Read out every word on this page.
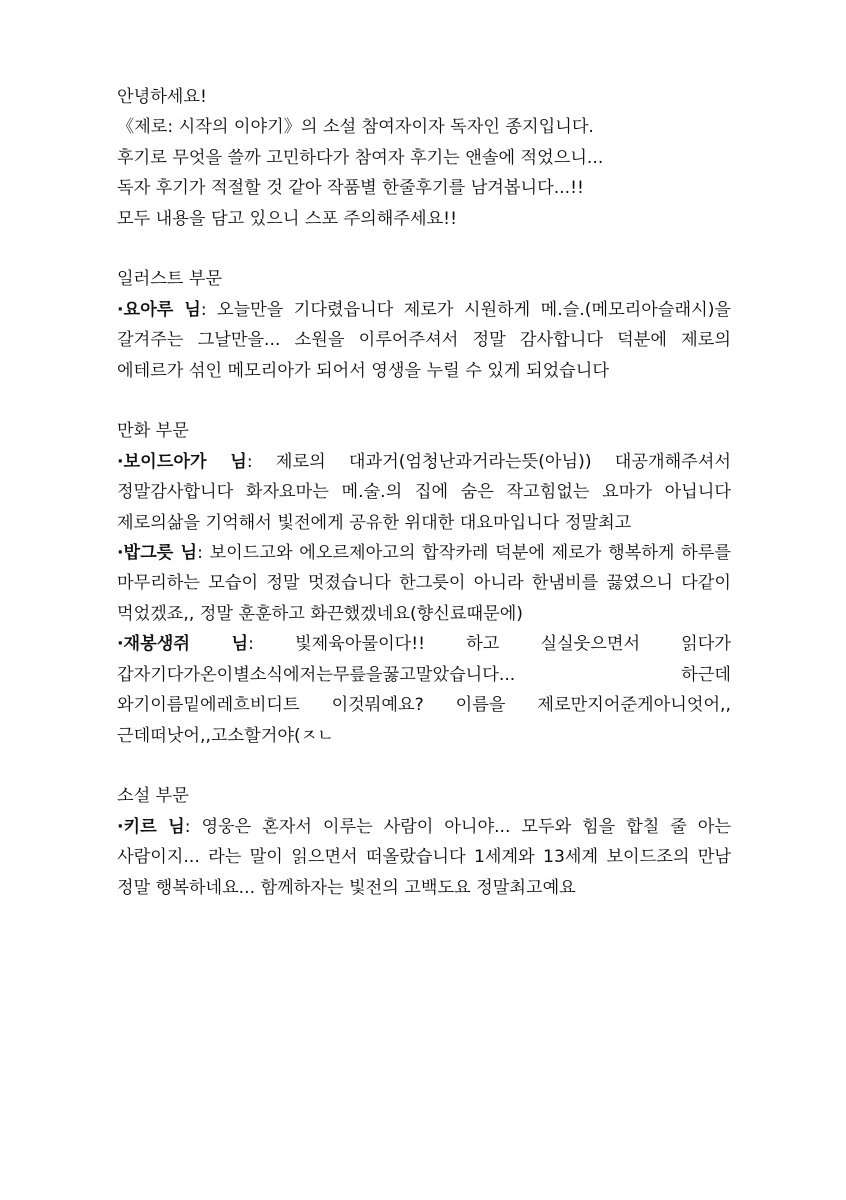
안녕하세요!

《제로: 시작의 이야기》의 소설 참여자이자 독자인 종지입니다.

후기로 무엇을 쓸까 고민하다가 참여자 후기는 앤솔에 적었으니...

독자 후기가 적절할 것 같아 작품별 한줄후기를 남겨봅니다...!!

모두 내용을 담고 있으니 스포 주의해주세요!!

일러스트 부문

·요아루 님: 오늘만을 기다렸읍니다 제로가 시원하게 메.슬.(메모리아슬래시)을 갈겨주는 그날만을... 소원을 이루어주셔서 정말 감사합니다 덕분에 제로의 에테르가 섞인 메모리아가 되어서 영생을 누릴 수 있게 되었습니다

만화 부문

·보이드아가 님: 제로의 대과거(엄청난과거라는뜻(아님)) 대공개해주셔서 정말감사합니다 화자요마는 메.술.의 집에 숨은 작고힘없는 요마가 아닙니다 제로의삶을 기억해서 빛전에게 공유한 위대한 대요마입니다 정말최고

·밥그릇 님: 보이드고와 에오르제아고의 합작카레 덕분에 제로가 행복하게 하루를 마무리하는 모습이 정말 멋졌습니다 한그릇이 아니라 한냄비를 끓였으니 다같이 먹었겠죠,, 정말 훈훈하고 화끈했겠네요(향신료때문에)

·재봉생쥐 님: 빛제육아물이다!! 하고 실실웃으면서 읽다가 갑자기다가온이별소식에저는무릎을꿇고말았습니다... 하근데 와기이름밑에레흐비디트 이것뭐예요? 이름을 제로만지어준게아니엇어,, 근데떠낫어,,고소할거야(ㅈㄴ

소설 부문

·키르 님: 영웅은 혼자서 이루는 사람이 아니야... 모두와 힘을 합칠 줄 아는 사람이지... 라는 말이 읽으면서 떠올랐습니다 1세계와 13세계 보이드조의 만남 정말 행복하네요... 함께하자는 빛전의 고백도요 정말최고예요
